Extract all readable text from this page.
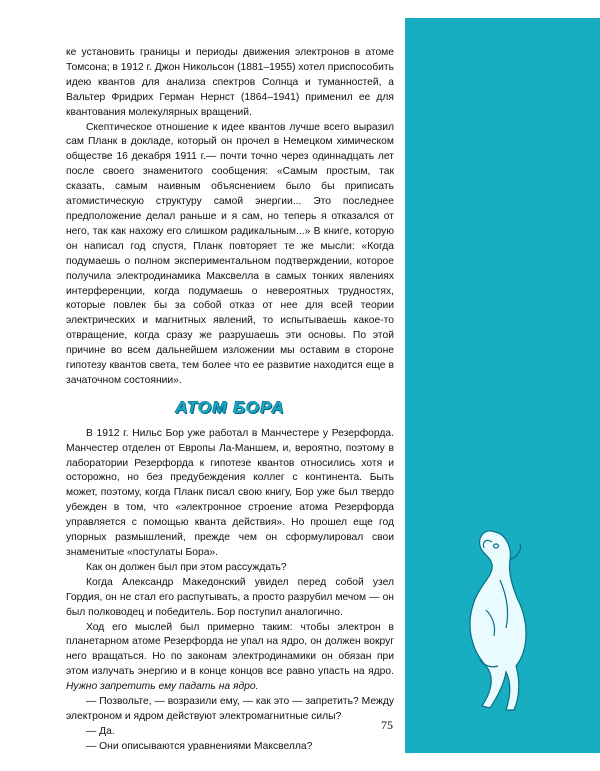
ке установить границы и периоды движения электронов в атоме Томсона; в 1912 г. Джон Никольсон (1881–1955) хотел приспособить идею квантов для анализа спектров Солнца и туманностей, а Вальтер Фридрих Герман Нернст (1864–1941) применил ее для квантования молекулярных вращений.

Скептическое отношение к идее квантов лучше всего выразил сам Планк в докладе, который он прочел в Немецком химическом обществе 16 декабря 1911 г.— почти точно через одиннадцать лет после своего знаменитого сообщения: «Самым простым, так сказать, самым наивным объяснением было бы приписать атомистическую структуру самой энергии... Это последнее предположение делал раньше и я сам, но теперь я отказался от него, так как нахожу его слишком радикальным...» В книге, которую он написал год спустя, Планк повторяет те же мысли: «Когда подумаешь о полном экспериментальном подтверждении, которое получила электродинамика Максвелла в самых тонких явлениях интерференции, когда подумаешь о невероятных трудностях, которые повлек бы за собой отказ от нее для всей теории электрических и магнитных явлений, то испытываешь какое-то отвращение, когда сразу же разрушаешь эти основы. По этой причине во всем дальнейшем изложении мы оставим в стороне гипотезу квантов света, тем более что ее развитие находится еще в зачаточном состоянии».

АТОМ БОРА

В 1912 г. Нильс Бор уже работал в Манчестере у Резерфорда. Манчестер отделен от Европы Ла-Маншем, и, вероятно, поэтому в лаборатории Резерфорда к гипотезе квантов относились хотя и осторожно, но без предубеждения коллег с континента. Быть может, поэтому, когда Планк писал свою книгу, Бор уже был твердо убежден в том, что «электронное строение атома Резерфорда управляется с помощью кванта действия». Но прошел еще год упорных размышлений, прежде чем он сформулировал свои знаменитые «постулаты Бора».

Как он должен был при этом рассуждать?

Когда Александр Македонский увидел перед собой узел Гордия, он не стал его распутывать, а просто разрубил мечом — он был полководец и победитель. Бор поступил аналогично.

Ход его мыслей был примерно таким: чтобы электрон в планетарном атоме Резерфорда не упал на ядро, он должен вокруг него вращаться. Но по законам электродинамики он обязан при этом излучать энергию и в конце концов все равно упасть на ядро. Нужно запретить ему падать на ядро.

— Позвольте, — возразили ему, — как это — запретить? Между электроном и ядром действуют электромагнитные силы?

— Да.

— Они описываются уравнениями Максвелла?

75
